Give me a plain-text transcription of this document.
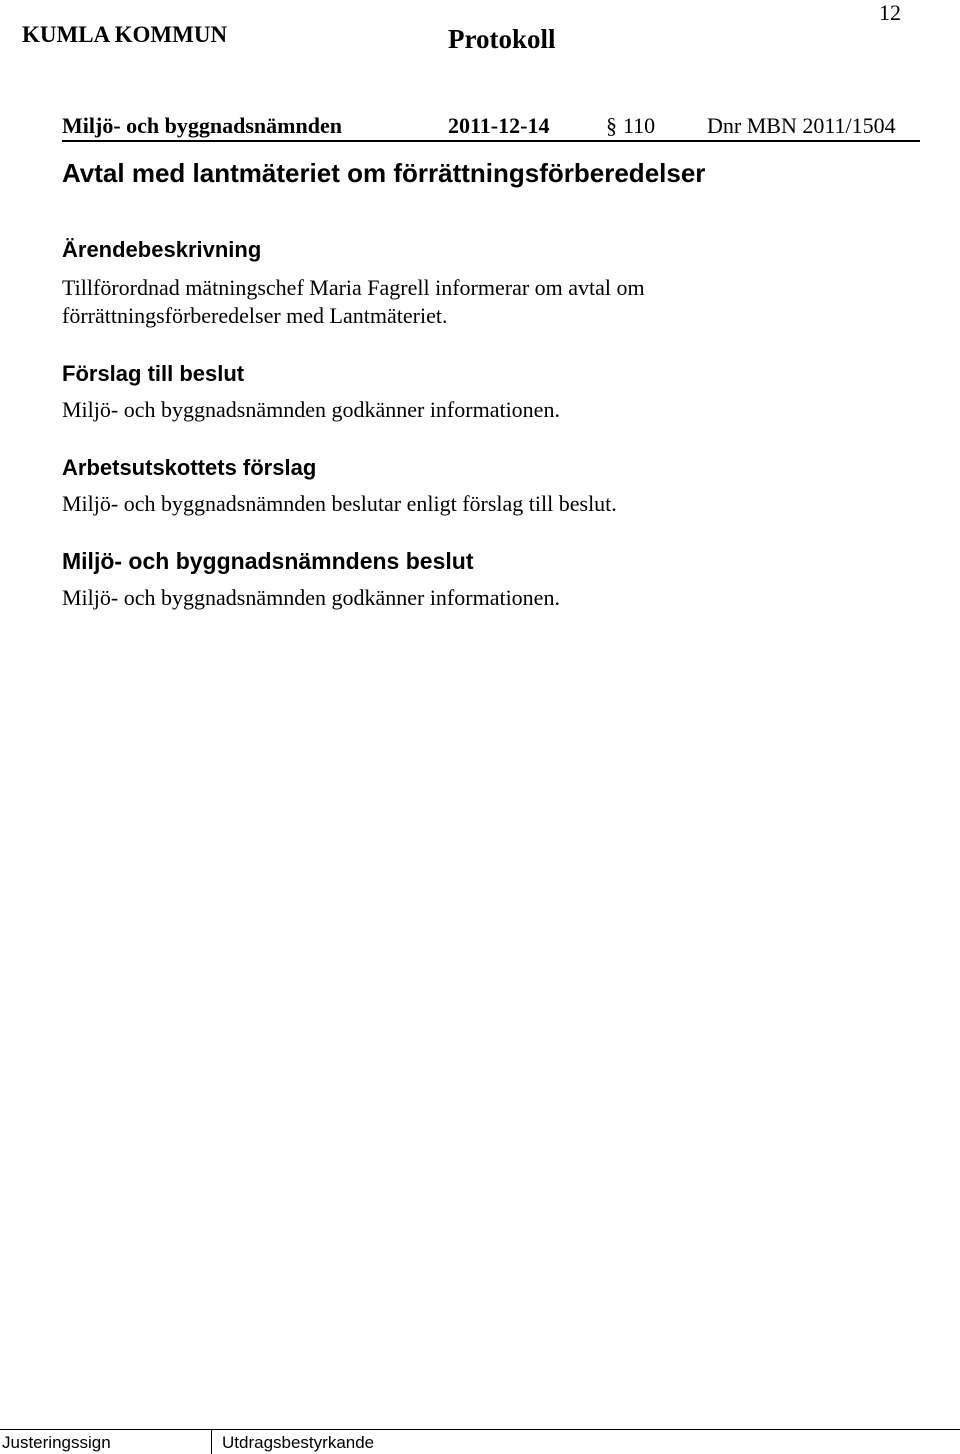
KUMLA KOMMUN	Protokoll
12
Miljö- och byggnadsnämnden	2011-12-14	§ 110 Dnr MBN 2011/1504
Avtal med lantmäteriet om förrättningsförberedelser
Ärendebeskrivning
Tillförordnad mätningschef Maria Fagrell informerar om avtal om
förrättningsförberedelser med Lantmäteriet.
Förslag till beslut
Miljö- och byggnadsnämnden godkänner informationen.
Arbetsutskottets förslag
Miljö- och byggnadsnämnden beslutar enligt förslag till beslut.
Miljö- och byggnadsnämndens beslut
Miljö- och byggnadsnämnden godkänner informationen.
Justeringssign	Utdragsbestyrkande
